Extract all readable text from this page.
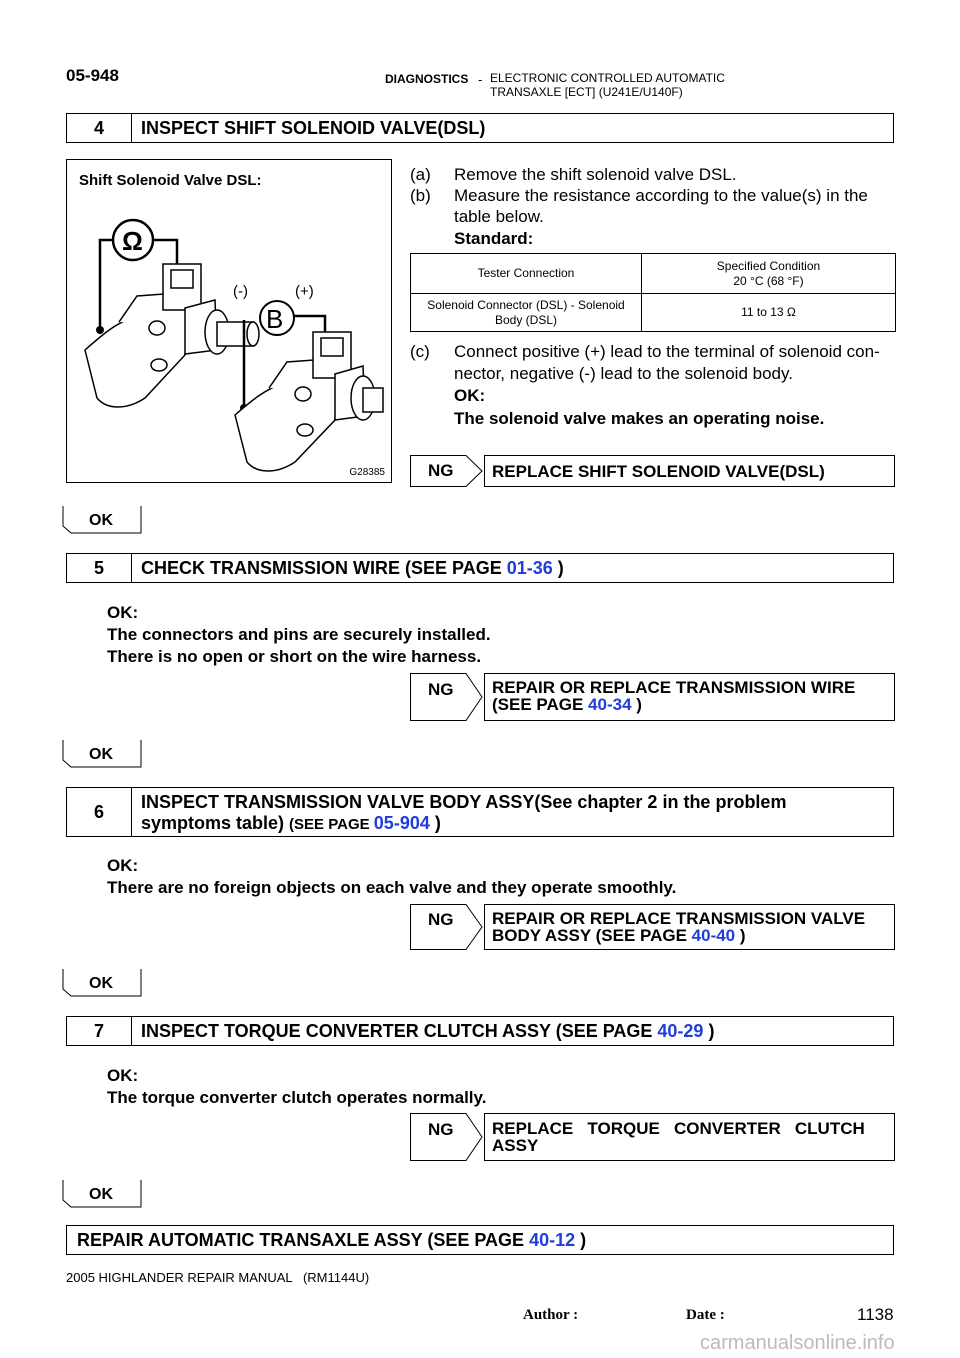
05-948	-
DIAGNOSTICS ELECTRONIC CONTROLLED AUTOMATIC
TRANSAXLE [ECT] (U241E/U140F)
4	INSPECT SHIFT SOLENOID VALVE(DSL)
Shift Solenoid Valve DSL:
(-)	(+)
Ω
B
G28385
(a) Remove the shift solenoid valve DSL.
(b) Measure the resistance according to the value(s) in the
table below.
Standard:
Tester Connection	Specified Condition
20 °C (68 °F)

Solenoid Connector (DSL) - Solenoid
Body (DSL)	11 to 13 Ω
(c) Connect positive (+) lead to the terminal of solenoid con-
nector, negative (-) lead to the solenoid body.
OK:
The solenoid valve makes an operating noise.
NG REPLACE SHIFT SOLENOID VALVE(DSL)
OK
5	CHECK TRANSMISSION WIRE (SEE PAGE 01-36 )
OK:
The connectors and pins are securely installed.
There is no open or short on the wire harness.
NG REPAIR OR REPLACE TRANSMISSION WIRE
(SEE PAGE 40-34 )
OK
6	INSPECT TRANSMISSION VALVE BODY ASSY(See chapter 2 in the problem
symptoms table) (SEE PAGE 05-904 )
OK:
There are no foreign objects on each valve and they operate smoothly.
NG REPAIR OR REPLACE TRANSMISSION VALVE
BODY ASSY (SEE PAGE 40-40 )
OK
7	INSPECT TORQUE CONVERTER CLUTCH ASSY (SEE PAGE 40-29 )
OK:
The torque converter clutch operates normally.
NG REPLACE   TORQUE   CONVERTER   CLUTCH
ASSY
OK
REPAIR AUTOMATIC TRANSAXLE ASSY (SEE PAGE 40-12 )
2005 HIGHLANDER REPAIR MANUAL   (RM1144U)
Author :	Date :	1138
carmanualsonline.info
